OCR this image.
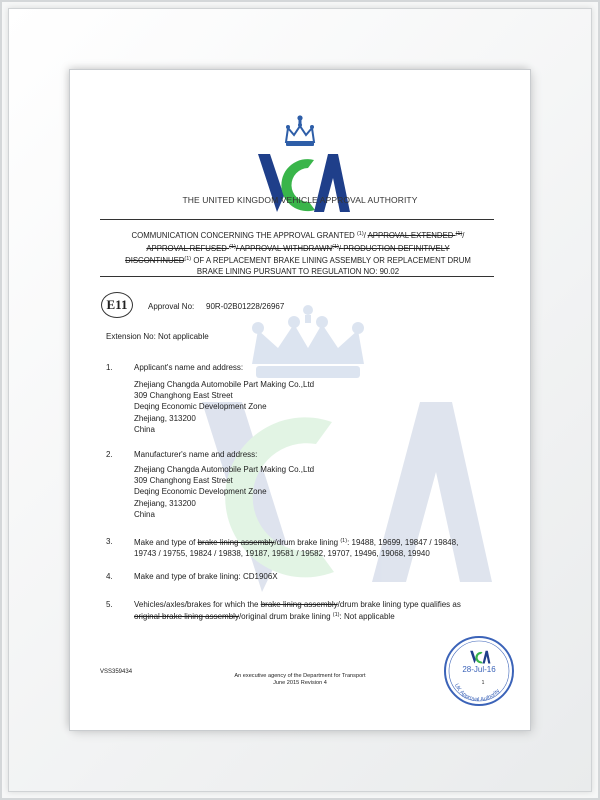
THE UNITED KINGDOM VEHICLE APPROVAL AUTHORITY
COMMUNICATION CONCERNING THE APPROVAL GRANTED $^{(1)}$/ APPROVAL EXTENDED $^{(1)}$/
APPROVAL REFUSED $^{(1)}$/ APPROVAL WITHDRAWN$^{(1)}$/ PRODUCTION DEFINITIVELY
DISCONTINUED$^{(1)}$ OF A REPLACEMENT BRAKE LINING ASSEMBLY OR REPLACEMENT DRUM
BRAKE LINING PURSUANT TO REGULATION NO: 90.02
E11	Approval No: 90R-02B01228/26967
Extension No: Not applicable
1.	Applicant's name and address:
Zhejiang Changda Automobile Part Making Co.,Ltd
309 Changhong East Street
Deqing Economic Development Zone
Zhejiang, 313200
China
2.	Manufacturer's name and address:
Zhejiang Changda Automobile Part Making Co.,Ltd
309 Changhong East Street
Deqing Economic Development Zone
Zhejiang, 313200
China
3.	Make and type of brake lining assembly/drum brake lining $^{(1)}$: 19488, 19699, 19847 / 19848,
19743 / 19755, 19824 / 19838, 19187, 19581 / 19582, 19707, 19496, 19068, 19940
4.	Make and type of brake lining: CD1906X
5.	Vehicles/axles/brakes for which the brake lining assembly/drum brake lining type qualifies as
original brake lining assembly/original drum brake lining $^{(1)}$: Not applicable
VSS359434
An executive agency of the Department for Transport
June 2015 Revision 4
28-Jul-16
1
UK Approval Authority
